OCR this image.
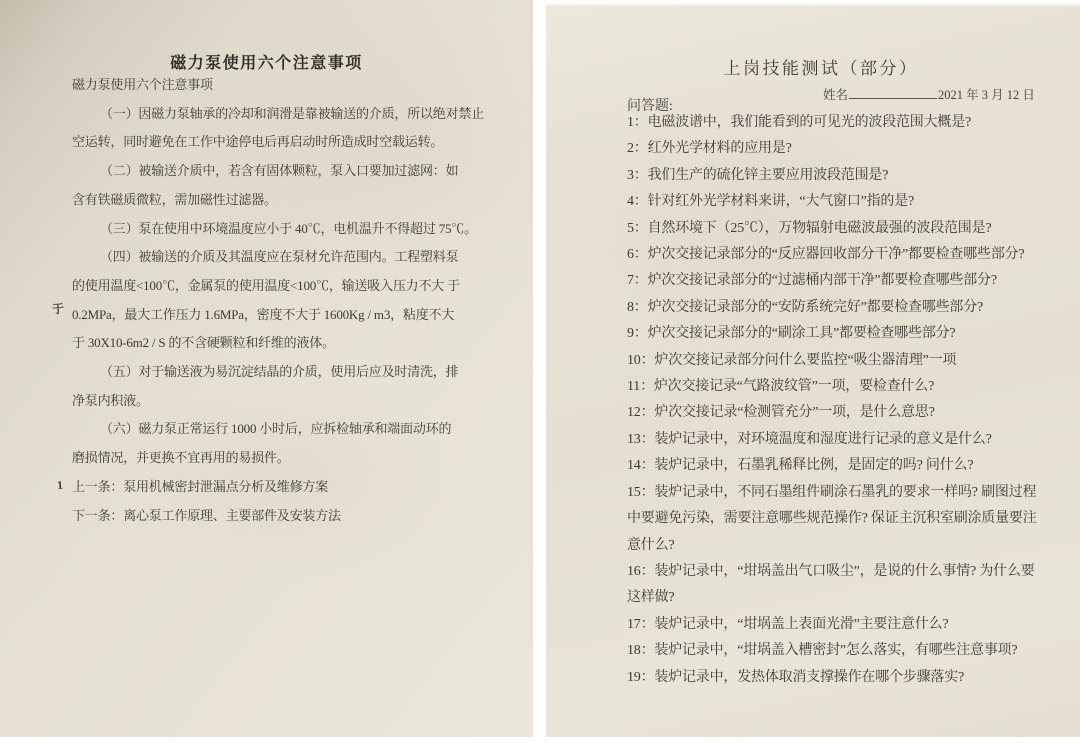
磁力泵使用六个注意事项
磁力泵使用六个注意事项
（一）因磁力泵轴承的冷却和润滑是靠被输送的介质，所以绝对禁止
空运转，同时避免在工作中途停电后再启动时所造成时空载运转。
（二）被输送介质中，若含有固体颗粒，泵入口要加过滤网：如
含有铁磁质微粒，需加磁性过滤器。
（三）泵在使用中环境温度应小于 40℃，电机温升不得超过 75℃。
（四）被输送的介质及其温度应在泵材允许范围内。工程塑料泵
的使用温度<100℃，金属泵的使用温度<100℃，输送吸入压力不大 于
0.2MPa，最大工作压力 1.6MPa，密度不大于 1600Kg / m3，粘度不大
于 30X10-6m2 / S 的不含硬颗粒和纤维的液体。
（五）对于输送液为易沉淀结晶的介质，使用后应及时清洗，排
净泵内积液。
（六）磁力泵正常运行 1000 小时后，应拆检轴承和端面动环的
磨损情况，并更换不宜再用的易损件。
上一条：泵用机械密封泄漏点分析及维修方案
下一条：离心泵工作原理、主要部件及安装方法
于
1
上岗技能测试（部分）
姓名	2021 年 3 月 12 日
问答题:
1：电磁波谱中，我们能看到的可见光的波段范围大概是?
2：红外光学材料的应用是?
3：我们生产的硫化锌主要应用波段范围是?
4：针对红外光学材料来讲，“大气窗口”指的是?
5：自然环境下（25℃），万物辐射电磁波最强的波段范围是?
6：炉次交接记录部分的“反应器回收部分干净”都要检查哪些部分?
7：炉次交接记录部分的“过滤桶内部干净”都要检查哪些部分?
8：炉次交接记录部分的“安防系统完好”都要检查哪些部分?
9：炉次交接记录部分的“刷涂工具”都要检查哪些部分?
10：炉次交接记录部分问什么要监控“吸尘器清理”一项
11：炉次交接记录“气路波纹管”一项，要检查什么?
12：炉次交接记录“检测管充分”一项，是什么意思?
13：装炉记录中，对环境温度和湿度进行记录的意义是什么?
14：装炉记录中，石墨乳稀释比例，是固定的吗? 问什么?
15：装炉记录中，不同石墨组件刷涂石墨乳的要求一样吗? 刷图过程
中要避免污染，需要注意哪些规范操作? 保证主沉积室刷涂质量要注
意什么?
16：装炉记录中，“坩埚盖出气口吸尘”，是说的什么事情? 为什么要
这样做?
17：装炉记录中，“坩埚盖上表面光滑”主要注意什么?
18：装炉记录中，“坩埚盖入槽密封”怎么落实，有哪些注意事项?
19：装炉记录中，发热体取消支撑操作在哪个步骤落实?
